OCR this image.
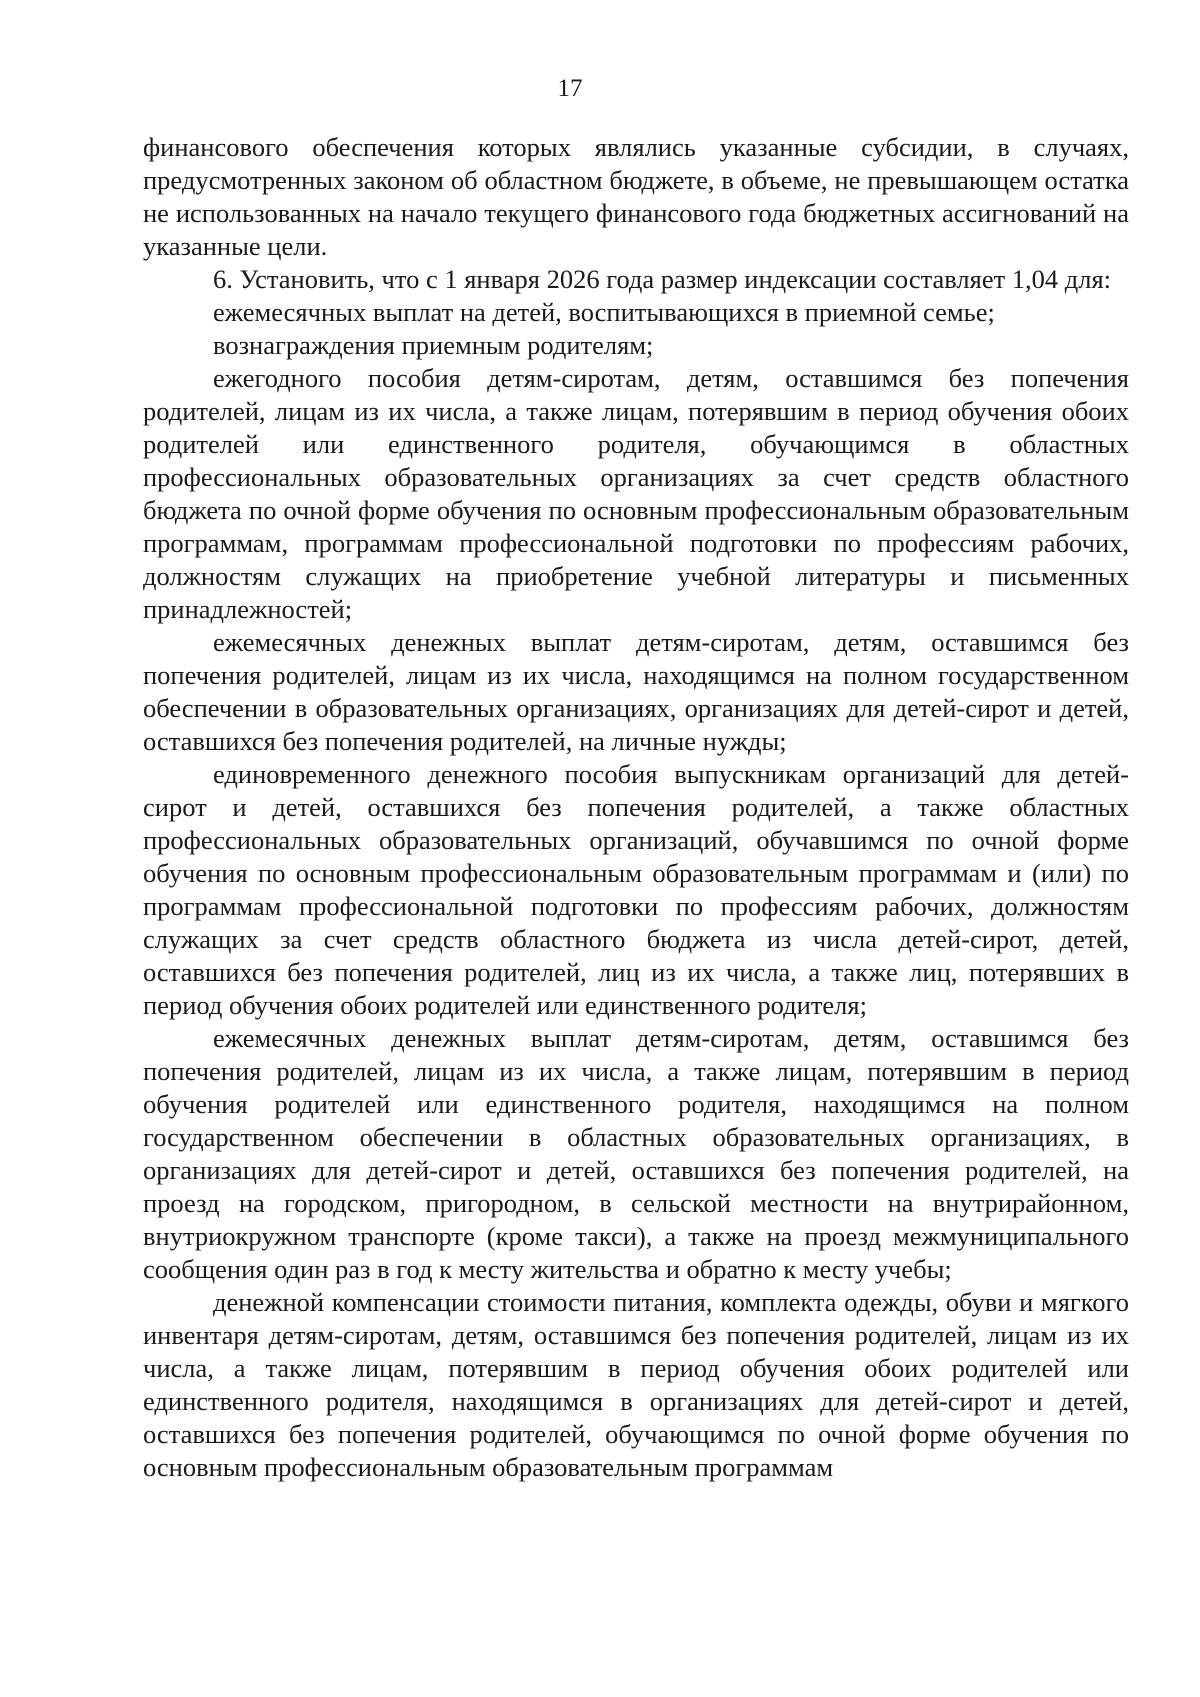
17

финансового обеспечения которых являлись указанные субсидии, в случаях, предусмотренных законом об областном бюджете, в объеме, не превышающем остатка не использованных на начало текущего финансового года бюджетных ассигнований на указанные цели.

6. Установить, что с 1 января 2026 года размер индексации составляет 1,04 для:

ежемесячных выплат на детей, воспитывающихся в приемной семье;

вознаграждения приемным родителям;

ежегодного пособия детям-сиротам, детям, оставшимся без попечения родителей, лицам из их числа, а также лицам, потерявшим в период обучения обоих родителей или единственного родителя, обучающимся в областных профессиональных образовательных организациях за счет средств областного бюджета по очной форме обучения по основным профессиональным образовательным программам, программам профессиональной подготовки по профессиям рабочих, должностям служащих на приобретение учебной литературы и письменных принадлежностей;

ежемесячных денежных выплат детям-сиротам, детям, оставшимся без попечения родителей, лицам из их числа, находящимся на полном государственном обеспечении в образовательных организациях, организациях для детей-сирот и детей, оставшихся без попечения родителей, на личные нужды;

единовременного денежного пособия выпускникам организаций для детей-сирот и детей, оставшихся без попечения родителей, а также областных профессиональных образовательных организаций, обучавшимся по очной форме обучения по основным профессиональным образовательным программам и (или) по программам профессиональной подготовки по профессиям рабочих, должностям служащих за счет средств областного бюджета из числа детей-сирот, детей, оставшихся без попечения родителей, лиц из их числа, а также лиц, потерявших в период обучения обоих родителей или единственного родителя;

ежемесячных денежных выплат детям-сиротам, детям, оставшимся без попечения родителей, лицам из их числа, а также лицам, потерявшим в период обучения родителей или единственного родителя, находящимся на полном государственном обеспечении в областных образовательных организациях, в организациях для детей-сирот и детей, оставшихся без попечения родителей, на проезд на городском, пригородном, в сельской местности на внутрирайонном, внутриокружном транспорте (кроме такси), а также на проезд межмуниципального сообщения один раз в год к месту жительства и обратно к месту учебы;

денежной компенсации стоимости питания, комплекта одежды, обуви и мягкого инвентаря детям-сиротам, детям, оставшимся без попечения родителей, лицам из их числа, а также лицам, потерявшим в период обучения обоих родителей или единственного родителя, находящимся в организациях для детей-сирот и детей, оставшихся без попечения родителей, обучающимся по очной форме обучения по основным профессиональным образовательным программам
